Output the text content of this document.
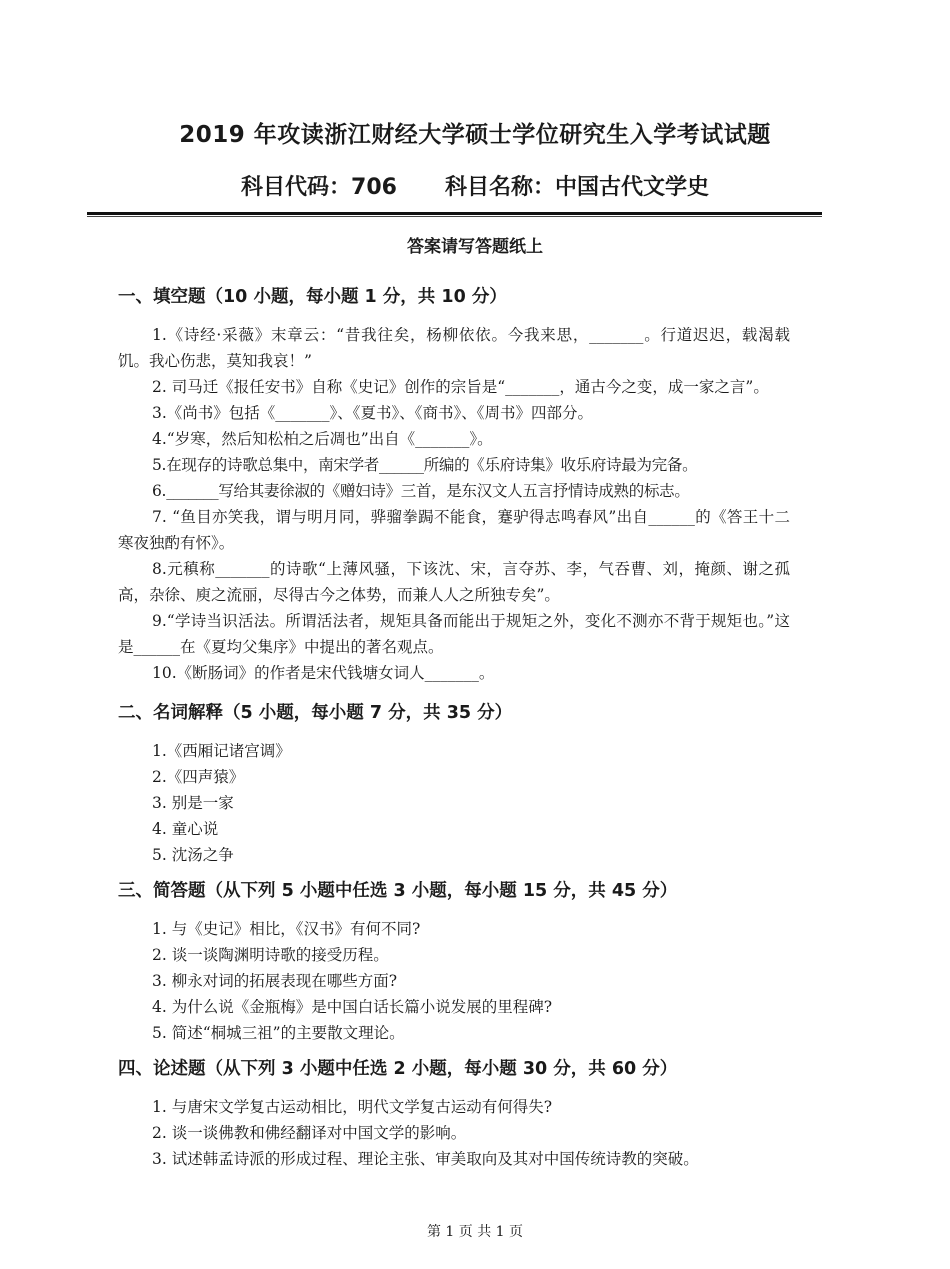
2019 年攻读浙江财经大学硕士学位研究生入学考试试题
科目代码：706 科目名称：中国古代文学史
答案请写答题纸上
一、填空题（10 小题，每小题 1 分，共 10 分）

1.《诗经·采薇》末章云：“昔我往矣，杨柳依依。今我来思，_______。行道迟迟，载渴载饥。我心伤悲，莫知我哀！”

2. 司马迁《报任安书》自称《史记》创作的宗旨是“_______，通古今之变，成一家之言”。

3.《尚书》包括《_______》、《夏书》、《商书》、《周书》四部分。

4.“岁寒，然后知松柏之后凋也”出自《_______》。

5.在现存的诗歌总集中，南宋学者______所编的《乐府诗集》收乐府诗最为完备。

6._______写给其妻徐淑的《赠妇诗》三首，是东汉文人五言抒情诗成熟的标志。

7. “鱼目亦笑我，谓与明月同，骅骝拳跼不能食，蹇驴得志鸣春风”出自______的《答王十二寒夜独酌有怀》。

8.元稹称_______的诗歌“上薄风骚，下该沈、宋，言夺苏、李，气吞曹、刘，掩颜、谢之孤高，杂徐、庾之流丽，尽得古今之体势，而兼人人之所独专矣”。

9.“学诗当识活法。所谓活法者，规矩具备而能出于规矩之外，变化不测亦不背于规矩也。”这是______在《夏均父集序》中提出的著名观点。

10.《断肠词》的作者是宋代钱塘女词人_______。

二、名词解释（5 小题，每小题 7 分，共 35 分）
1.《西厢记诸宫调》
2.《四声猿》
3. 别是一家
4. 童心说
5. 沈汤之争
三、简答题（从下列 5 小题中任选 3 小题，每小题 15 分，共 45 分）
1. 与《史记》相比，《汉书》有何不同?
2. 谈一谈陶渊明诗歌的接受历程。
3. 柳永对词的拓展表现在哪些方面?
4. 为什么说《金瓶梅》是中国白话长篇小说发展的里程碑?
5. 简述“桐城三祖”的主要散文理论。
四、论述题（从下列 3 小题中任选 2 小题，每小题 30 分，共 60 分）
1. 与唐宋文学复古运动相比，明代文学复古运动有何得失?
2. 谈一谈佛教和佛经翻译对中国文学的影响。
3. 试述韩孟诗派的形成过程、理论主张、审美取向及其对中国传统诗教的突破。
第 1 页 共 1 页
